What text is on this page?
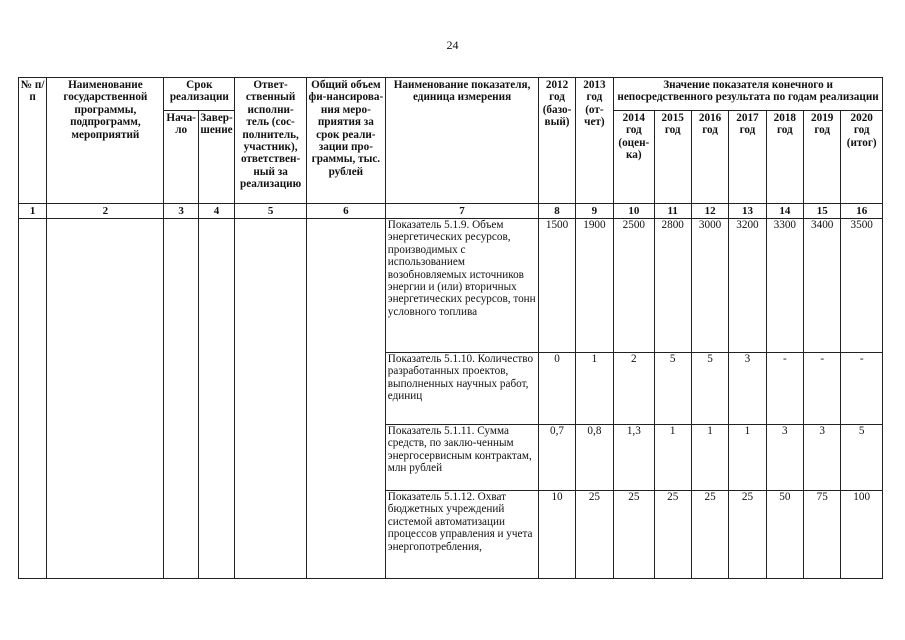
24
№ п/п	Наименование государственной программы, подпрограмм, мероприятий	Срок реализации		Ответ-ственный исполни-тель (сос-полнитель, участник), ответствен-ный за реализацию	Общий объем фи-нансирова-ния меро-приятия за срок реали-зации про-граммы, тыс. рублей	Наименование показателя, единица измерения	2012 год (базо-вый)	2013 год (от-чет)	Значение показателя конечного и непосредственного результата по годам реализации						
		Нача-ло	Завер-шение						2014 год (оцен-ка)	2015 год	2016 год	2017 год	2018 год	2019 год	2020 год (итог)
1	2	3	4	5	6	7	8	9	10	11	12	13	14	15	16
						Показатель 5.1.9. Объем энергетических ресурсов, производимых с использованием возобновляемых источников энергии и (или) вторичных энергетических ресурсов, тонн условного топлива	1500	1900	2500	2800	3000	3200	3300	3400	3500
						Показатель 5.1.10. Количество разработанных проектов, выполненных научных работ, единиц	0	1	2	5	5	3	-	-	-
						Показатель 5.1.11. Сумма средств, по заклю-ченным энергосервисным контрактам, млн рублей	0,7	0,8	1,3	1	1	1	3	3	5
						Показатель 5.1.12. Охват бюджетных учреждений системой автоматизации процессов управления и учета энергопотребления,	10	25	25	25	25	25	50	75	100
